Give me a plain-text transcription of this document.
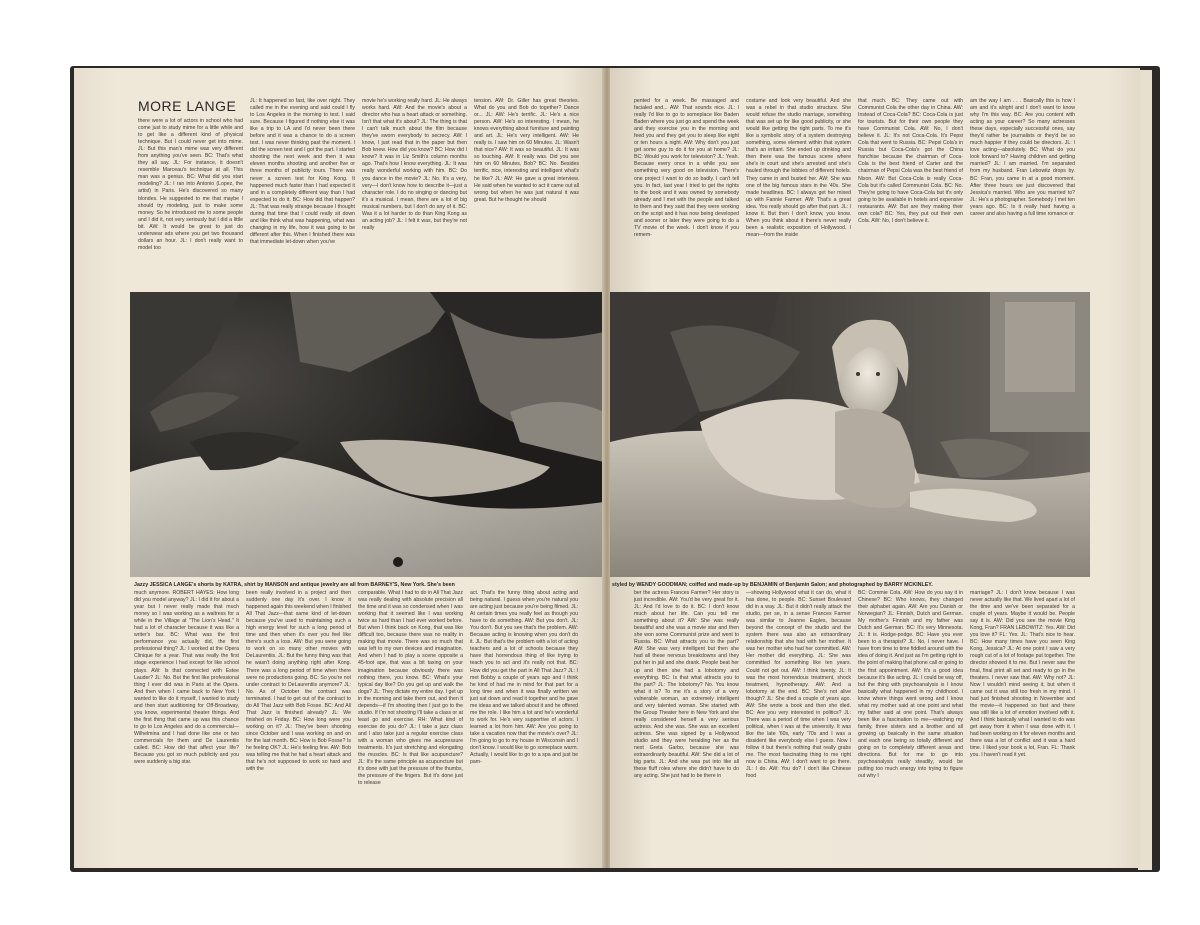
MORE LANGE
there were a lot of actors in school who had come just to study mime for a little while and to get like a different kind of physical technique. But I could never get into mime. JL: But this man's mime was very different from anything you've seen. BC: That's what they all say. JL: For instance, it doesn't resemble Marceau's technique at all. This man was a genius. BC: What did you start modeling? JL: I ran into Antonio (Lopez, the artist) in Paris. He's discovered so many blondes. He suggested to me that maybe I should try modeling, just to make some money. So he introduced me to some people and I did it, not very seriously but I did a little bit. AW: It would be great to just do underwear ads where you get two thousand dollars an hour. JL: I don't really want to model too
JL: It happened so fast, like over night. They called me in the evening and said could I fly to Los Angeles in the morning to test. I said sure. Because I figured if nothing else it was like a trip to LA and I'd never been there before and it was a chance to do a screen test. I was never thinking past the moment. I did the screen test and I got the part. I started shooting the next week and then it was eleven months shooting and another five or three months of publicity tours. There was never a screen test for King Kong. It happened much faster than I had expected it and in a completely different way than I had expected to do it. BC: How did that happen? JL: That was really strange because I thought during that time that I could really sit down and like think what was happening, what was changing in my life, how it was going to be different after this. When I finished there was that immediate let-down when you've
movie he's working really hard. JL: He always works hard. AW: And the movie's about a director who has a heart attack or something. Isn't that what it's about? JL: The thing is that I can't talk much about the film because they've sworn everybody to secrecy. AW: I know, I just read that in the paper but then Bob knew. How did you know? BC: How did I know? It was in Liz Smith's column months ago. That's how I know everything. JL: It was really wonderful working with him. BC: Do you dance in the movie? JL: No. It's a very, very—I don't know how to describe it—just a character role. I do no singing or dancing but it's a musical. I mean, there are a lot of big musical numbers, but I don't do any of it. BC: Was it a lot harder to do than King Kong as an acting job? JL: I felt it was, but they're not really
tension. AW: Dr. Giller has great theories. What do you and Bob do together? Dance or... JL: AW: He's terrific. JL: He's a nice person. AW: He's so interesting. I mean, he knows everything about furniture and painting and art. JL: He's very intelligent. AW: He really is. I saw him on 60 Minutes. JL: Wasn't that nice? AW: It was so beautiful. JL: It was so touching. AW: It really was. Did you see him on 60 Minutes, Bob? BC: No. Besides terrific, nice, interesting and intelligent what's he like? JL: AW: He gave a great interview. He said when he wanted to act it came out all wrong but when he was just natural it was great. But he thought he should
Jazzy JESSICA LANGE's shorts by KATRA, shirt by MANSON and antique jewelry are all from BARNEY'S, New York. She's been
much anymore. ROBERT HAYES: How long did you model anyway? JL: I did it for about a year but I never really made that much money so I was working as a waitress for a while in the Village at "The Lion's Head." It had a lot of character because it was like a writer's bar. BC: What was the first performance you actually did, the first professional thing? JL: I worked at the Opera Clinique for a year. That was really the first stage experience I had except for like school plays. AW: Is that connected with Estee Lauder? JL: No. But the first like professional thing I ever did was in Paris at the Opera. And then when I came back to New York I wanted to like do it myself, I wanted to study and then start auditioning for Off-Broadway, you know, experimental theater things. And the first thing that came up was this chance to go to Los Angeles and do a commercial—Wilhelmina and I had done like one or two commercials for them and De Laurentiis called. BC: How did that affect your life? Because you got so much publicity and you were suddenly a big star.
been really involved in a project and then suddenly one day it's over. I know it happened again this weekend when I finished All That Jazz—that same kind of let-down because you've used to maintaining such a high energy level for such a long period of time and then when it's over you feel like there's such a loss. AW: But you were going to work on so many other movies with DeLaurentiis. JL: But the funny thing was that he wasn't doing anything right after Kong. There was a long period of time when there were no productions going. BC: So you're not under contract to DeLaurentiis anymore? JL: No. As of October the contract was terminated. I had to get out of the contract to do All That Jazz with Bob Fosse. BC: And All That Jazz is finished already? JL: We finished on Friday. BC: How long were you working on it? JL: They've been shooting since October and I was working on and on for the last month. BC: How is Bob Fosse? Is he feeling OK? JL: He's feeling fine. AW: Bob was telling me that he had a heart attack and that he's not supposed to work so hard and with the
comparable. What I had to do in All That Jazz was really dealing with absolute precision all the time and it was so condensed when I was working that it seemed like I was working twice as hard than I had ever worked before. But when I think back on Kong, that was like difficult too, because there was no reality in making that movie. There was so much that was left to my own devices and imagination. And when I had to play a scene opposite a 45-foot ape, that was a bit taxing on your imagination because obviously there was nothing there, you know. BC: What's your typical day like? Do you get up and walk the dogs? JL: They dictate my entire day. I get up in the morning and take them out, and then it depends—if I'm shooting then I just go to the studio. If I'm not shooting I'll take a class or at least go and exercise. RH: What kind of exercise do you do? JL: I take a jazz class and I also take just a regular exercise class with a woman who gives me acupressure treatments. It's just stretching and elongating the muscles. BC: Is that like acupuncture? JL: It's the same principle as acupuncture but it's done with just the pressure of the thumbs, the pressure of the fingers. But it's done just to release
act. That's the funny thing about acting and being natural. I guess when you're natural you are acting just because you're being filmed. JL: At certain times you really feel as though you have to do something. AW: But you don't. JL: You don't. But you see that's the problem. AW: Because acting is knowing when you don't do it. JL: But that's the problem with a lot of acting teachers and a lot of schools because they have that horrendous thing of like trying to teach you to act and it's really not that. BC: How did you get the part in All That Jazz? JL: I met Bobby a couple of years ago and I think he kind of had me in mind for that part for a long time and when it was finally written we just sat down and read it together and he gave me ideas and we talked about it and he offered me the role. I like him a lot and he's wonderful to work for. He's very supportive of actors. I learned a lot from him. AW: Are you going to take a vacation now that the movie's over? JL: I'm going to go to my house in Wisconsin and I don't know. I would like to go someplace warm. Actually, I would like to go to a spa and just be pam-
pented for a week. Be massaged and facialed and... AW: That sounds nice. JL: I really I'd like to go to someplace like Baden Baden where you just go and spend the week and they exercise you in the morning and feed you and they get you to sleep like eight or ten hours a night. AW: Why don't you just get some guy to do it for you at home? JL: BC: Would you work for television? JL: Yeah. Because every once in a while you see something very good on television. There's one project I want to do so badly. I can't tell you. In fact, last year I tried to get the rights to the book and it was owned by somebody already and I met with the people and talked to them and they said that they were working on the script and it has now being developed and sooner or later they were going to do a TV movie of the week. I don't know if you remem-
costume and look very beautiful. And she was a rebel in that studio structure. She would refuse the studio marriage, something that was set up for like good publicity, or she would like getting the right parts. To me it's like a symbolic story of a system destroying something, some element within that system that's an irritant. She ended up drinking and then there was the famous scene where she's in court and she's arrested and she's hauled through the lobbies of different hotels. They came in and busted her. AW: She was one of the big famous stars in the '40s. She made headlines. BC: I always get her mixed up with Fannie Farmer. AW: That's a great idea. You really should go after that part. JL: I know it. But then I don't know, you know. When you think about it there's never really been a realistic exposition of Hollywood. I mean—from the inside
that much. BC: They came out with Communist Cola the other day in China. AW: Instead of Coca-Cola? BC: Coca-Cola is just for tourists. But for their own people they have Communist Cola. AW: No, I don't believe it. JL: It's not Coca-Cola. It's Pepsi Cola that went to Russia. BC: Pepsi Cola's in Russia but Coca-Cola's got the China franchise because the chairman of Coca-Cola is the best friend of Carter and the chairman of Pepsi Cola was the best friend of Nixon. AW: But Coca-Cola is really Coca-Cola but it's called Communist Cola. BC: No. They're going to have Coca-Cola but it's only going to be available in hotels and expensive restaurants. AW: But are they making their own cola? BC: Yes, they put out their own Cola. AW: No, I don't believe it.
am the way I am . . . Basically this is how I am and it's alright and I don't want to know why I'm this way. BC: Are you content with acting as your career? So many actresses these days, especially successful ones, say they'd rather be journalists or they'd be so much happier if they could be directors. JL: I love acting—absolutely. BC: What do you look forward to? Having children and getting married? JL: I am married. I'm separated from my husband. Fran Lebowitz drops by. BC: Fran, you came in at a good moment. After three hours we just discovered that Jessica's married. Who are you married to? JL: He's a photographer. Somebody I met ten years ago. BC: Is it really hard having a career and also having a full time romance or
styled by WENDY GOODMAN; coiffed and made-up by BENJAMIN of Benjamin Salon; and photographed by BARRY MCKINLEY.
ber the actress Frances Farmer? Her story is just incredible. AW: You'd be very great for it. JL: And I'd love to do it. BC: I don't know much about her life. Can you tell me something about it? AW: She was really beautiful and she was a movie star and then she won some Communist prize and went to Russia. BC: What attracts you to the part? AW: She was very intelligent but then she had all these nervous breakdowns and they put her in jail and she drank. People beat her up and then she had a lobotomy and everything. BC: Is that what attracts you to the part? JL: The lobotomy? No. You know what it is? To me it's a story of a very vulnerable woman, an extremely intelligent and very talented woman. She started with the Group Theater here in New York and she really considered herself a very serious actress. And she was. She was an excellent actress. She was signed by a Hollywood studio and they were heralding her as the next Greta Garbo, because she was extraordinarily beautiful. AW: She did a lot of big parts. JL: And she was put into like all these fluff roles where she didn't have to do any acting. She just had to be there in
—showing Hollywood what it can do, what it has done, to people. BC: Sunset Boulevard did in a way. JL: But it didn't really attack the studio, per se, in a sense Frances Farmer was similar to Jeanne Eagles, because beyond the concept of the studio and the system there was also an extraordinary relationship that she had with her mother. It was her mother who had her committed. AW: Her mother did everything. JL: She was committed for something like ten years. Could not get out. AW: I think twenty. JL: It was the most horrendous treatment, shock treatment, hypnotherapy. AW: And a lobotomy at the end. BC: She's not alive though? JL: She died a couple of years ago. AW: She wrote a book and then she died. BC: Are you very interested in politics? JL: There was a period of time when I was very political, when I was at the university. It was like the late '60s, early '70s and I was a dissident like everybody else I guess. Now I follow it but there's nothing that really grabs me. The most fascinating thing to me right now is China. AW: I don't want to go there. JL: I do. AW: You do? I don't like Chinese food
BC: Commie Cola. AW: How do you say it in Chinese? BC: Who knows, they changed their alphabet again. AW: Are you Danish or Norwegian? JL: Finnish, Dutch and German. My mother's Finnish and my father was Dutch and German. BC: It's very Minnesota. JL: It is. Hodge-podge. BC: Have you ever been to a therapist? JL: No, I never have. I have from time to time fiddled around with the idea of doing it. And just as I'm getting right to the point of making that phone call or going to the first appointment. AW: It's a good idea because it's like acting. JL: I could be way off, but the thing with psychoanalysis is I know basically what happened in my childhood. I know where things went wrong and I know what my mother said at one point and what my father said at one point. That's always been like a fascination to me—watching my family, three sisters and a brother and all growing up basically in the same situation and each one being so totally different and going on to completely different areas and directions. But for me to go into psychoanalysis really steadily, would be putting too much energy into trying to figure out why I
marriage? JL: I don't know because I was never actually like that. We lived apart a lot of the time and we've been separated for a couple of years. Maybe it would be. People say it is. AW: Did you see the movie King Kong, Fran? FRAN LEBOWITZ: Yes. AW: Did you love it? FL: Yes. JL: That's nice to hear. BC: How many times have you seen King Kong, Jessica? JL: At one point I saw a very rough cut of a lot of footage put together. The director showed it to me. But I never saw the final, final print all set and ready to go in the theaters. I never saw that. AW: Why not? JL: Now I wouldn't mind seeing it, but when it came out it was still too fresh in my mind. I had just finished shooting in November and the movie—it happened so fast and there was still like a lot of emotion involved with it. And I think basically what I wanted to do was get away from it when I was done with it. I had been working on it for eleven months and there was a lot of conflict and it was a hard time. I liked your book a lot, Fran. FL: Thank you. I haven't read it yet.
